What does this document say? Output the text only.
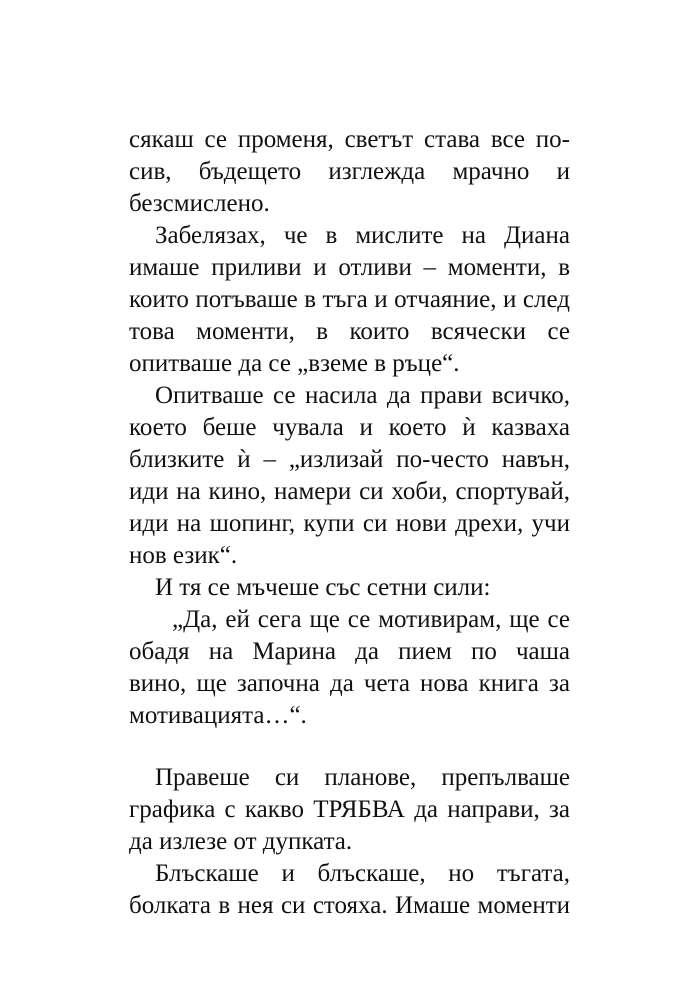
сякаш се променя, светът става все по-
сив, бъдещето изглежда мрачно и
безсмислено.
Забелязах, че в мислите на Диана
имаше приливи и отливи – моменти, в
които потъваше в тъга и отчаяние, и след
това моменти, в които всячески се
опитваше да се „вземе в ръце“.
Опитваше се насила да прави всичко,
което беше чувала и което ѝ казваха
близките ѝ – „излизай по-често навън,
иди на кино, намери си хоби, спортувай,
иди на шопинг, купи си нови дрехи, учи
нов език“.
И тя се мъчеше със сетни сили:
„Да, ей сега ще се мотивирам, ще се
обадя на Марина да пием по чаша
вино, ще започна да чета нова книга за
мотивацията…“.
Правеше си планове, препълваше
графика с какво ТРЯБВА да направи, за
да излезе от дупката.
Блъскаше и блъскаше, но тъгата,
болката в нея си стояха. Имаше моменти
